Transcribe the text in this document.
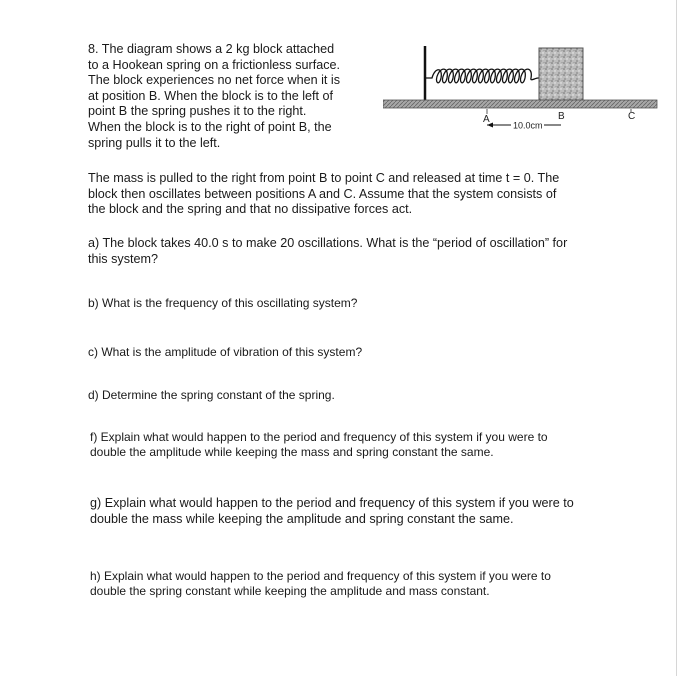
8. The diagram shows a 2 kg block attached
to a Hookean spring on a frictionless surface.
The block experiences no net force when it is
at position B. When the block is to the left of
point B the spring pushes it to the right.
When the block is to the right of point B, the
spring pulls it to the left.

A	B	C
10.0cm

The mass is pulled to the right from point B to point C and released at time t = 0. The
block then oscillates between positions A and C. Assume that the system consists of
the block and the spring and that no dissipative forces act.

a) The block takes 40.0 s to make 20 oscillations. What is the “period of oscillation” for
this system?

b) What is the frequency of this oscillating system?

c) What is the amplitude of vibration of this system?

d) Determine the spring constant of the spring.

f) Explain what would happen to the period and frequency of this system if you were to
double the amplitude while keeping the mass and spring constant the same.

g) Explain what would happen to the period and frequency of this system if you were to
double the mass while keeping the amplitude and spring constant the same.

h) Explain what would happen to the period and frequency of this system if you were to
double the spring constant while keeping the amplitude and mass constant.
